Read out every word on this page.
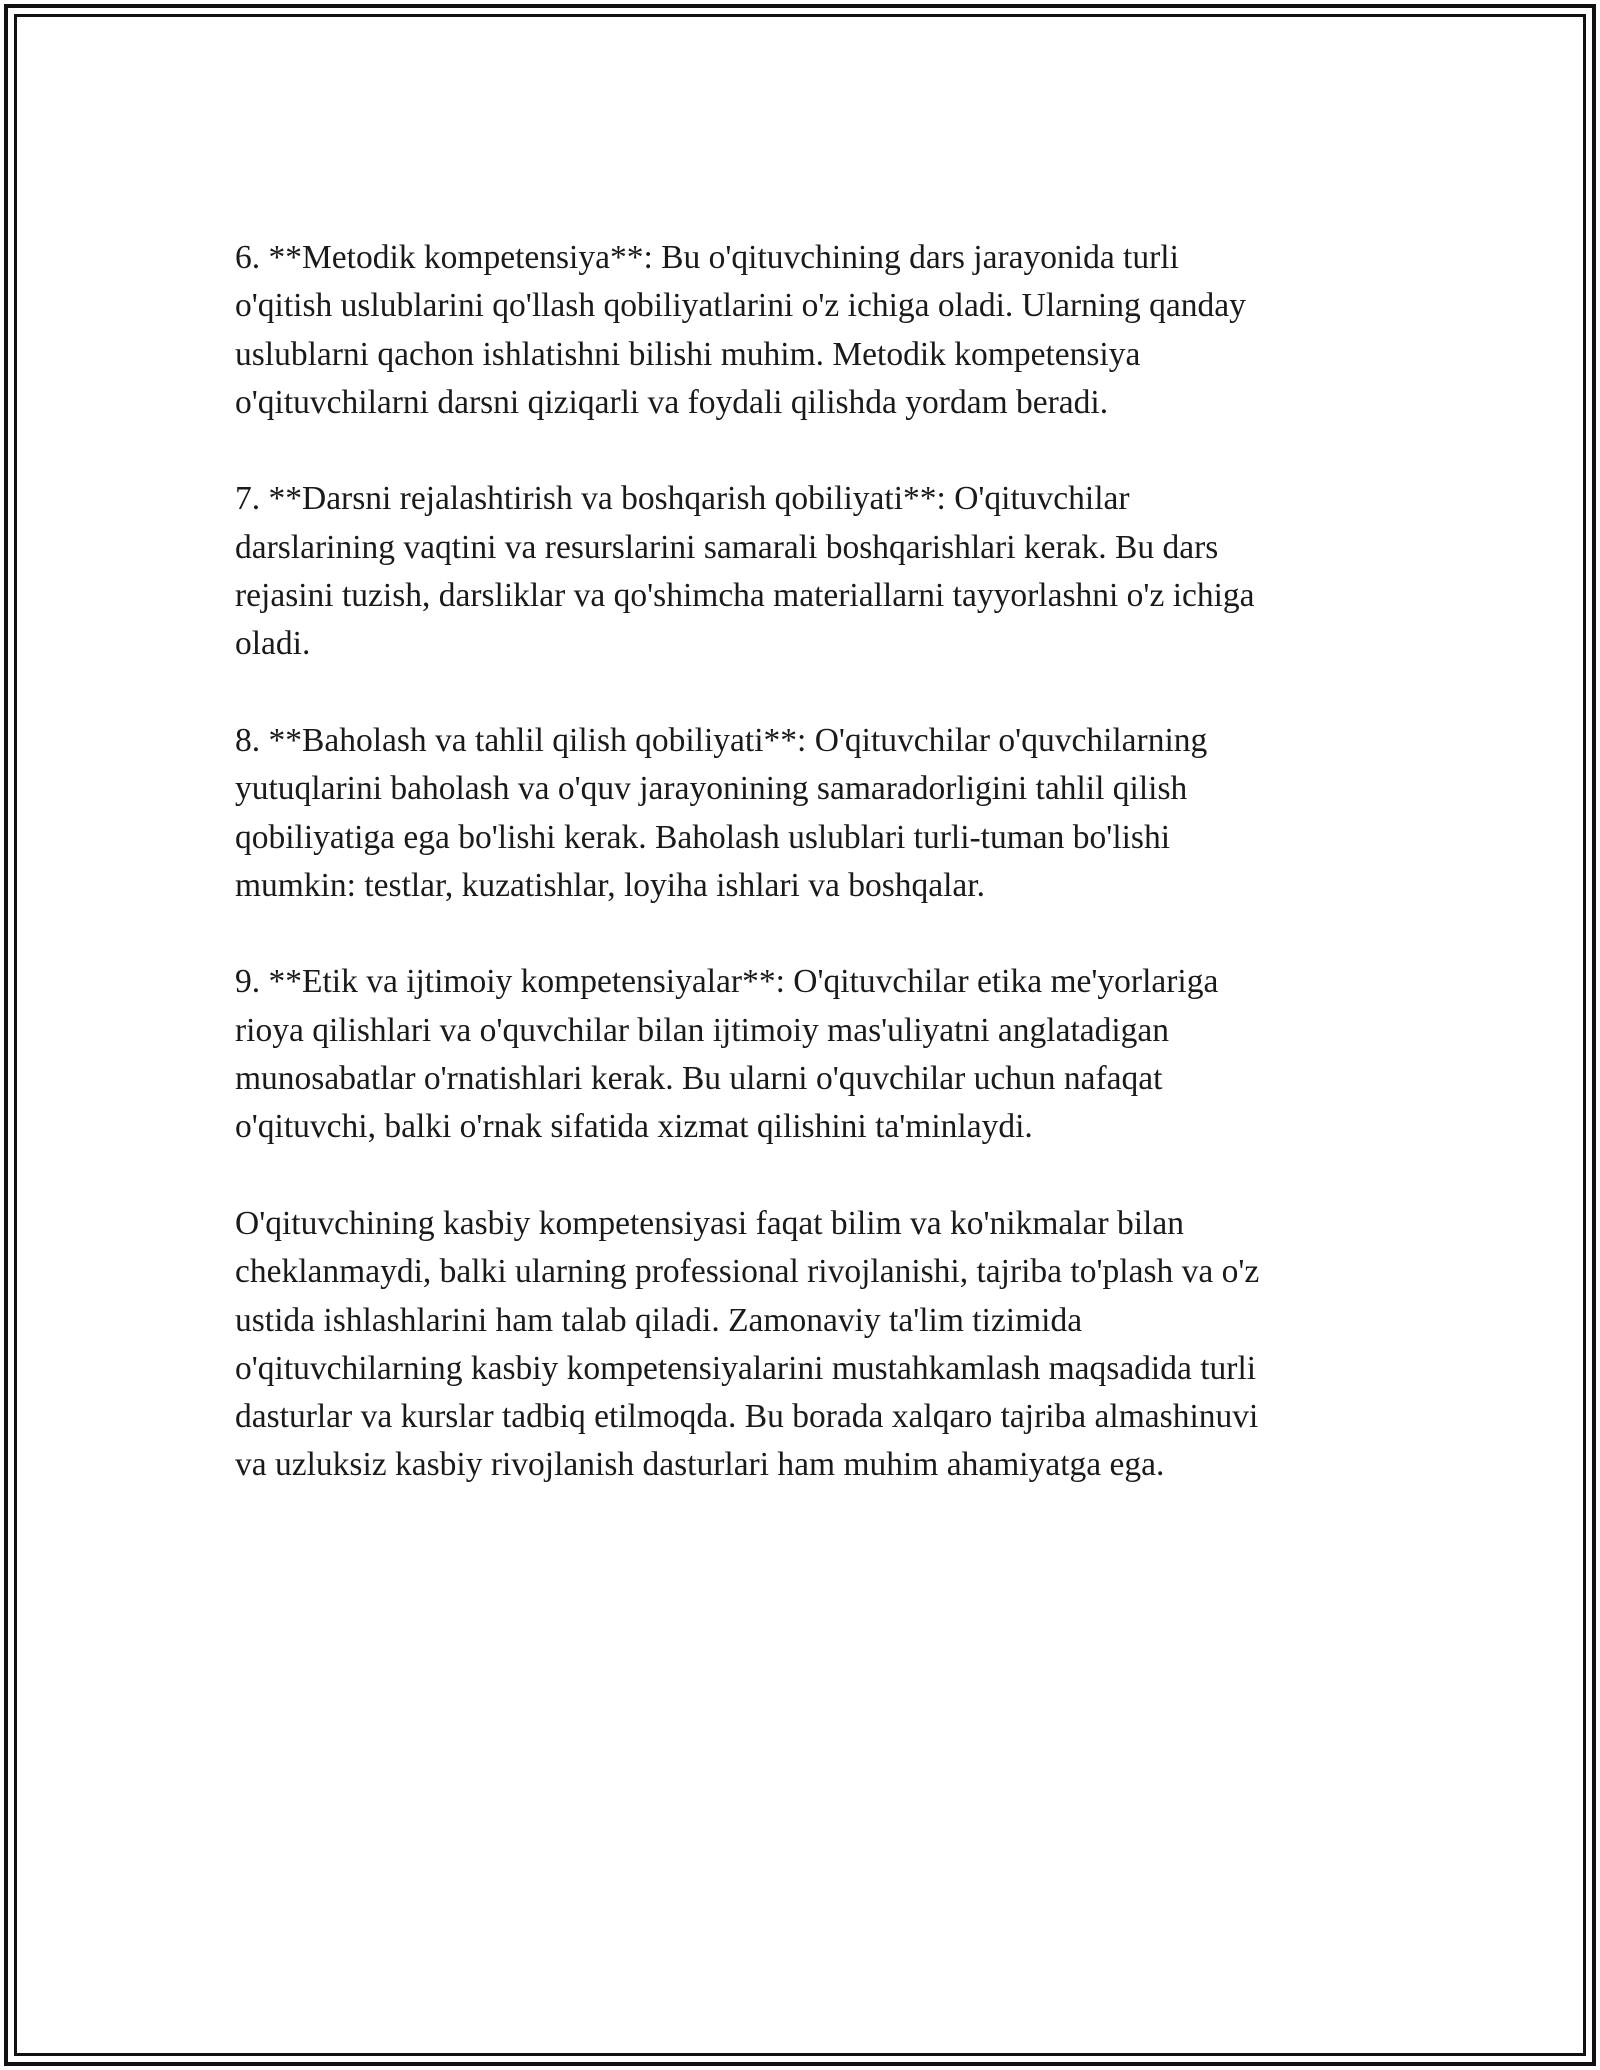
6. **Metodik kompetensiya**: Bu o'qituvchining dars jarayonida turli
o'qitish uslublarini qo'llash qobiliyatlarini o'z ichiga oladi. Ularning qanday
uslublarni qachon ishlatishni bilishi muhim. Metodik kompetensiya
o'qituvchilarni darsni qiziqarli va foydali qilishda yordam beradi.

7. **Darsni rejalashtirish va boshqarish qobiliyati**: O'qituvchilar
darslarining vaqtini va resurslarini samarali boshqarishlari kerak. Bu dars
rejasini tuzish, darsliklar va qo'shimcha materiallarni tayyorlashni o'z ichiga
oladi.

8. **Baholash va tahlil qilish qobiliyati**: O'qituvchilar o'quvchilarning
yutuqlarini baholash va o'quv jarayonining samaradorligini tahlil qilish
qobiliyatiga ega bo'lishi kerak. Baholash uslublari turli-tuman bo'lishi
mumkin: testlar, kuzatishlar, loyiha ishlari va boshqalar.

9. **Etik va ijtimoiy kompetensiyalar**: O'qituvchilar etika me'yorlariga
rioya qilishlari va o'quvchilar bilan ijtimoiy mas'uliyatni anglatadigan
munosabatlar o'rnatishlari kerak. Bu ularni o'quvchilar uchun nafaqat
o'qituvchi, balki o'rnak sifatida xizmat qilishini ta'minlaydi.

O'qituvchining kasbiy kompetensiyasi faqat bilim va ko'nikmalar bilan
cheklanmaydi, balki ularning professional rivojlanishi, tajriba to'plash va o'z
ustida ishlashlarini ham talab qiladi. Zamonaviy ta'lim tizimida
o'qituvchilarning kasbiy kompetensiyalarini mustahkamlash maqsadida turli
dasturlar va kurslar tadbiq etilmoqda. Bu borada xalqaro tajriba almashinuvi
va uzluksiz kasbiy rivojlanish dasturlari ham muhim ahamiyatga ega.
